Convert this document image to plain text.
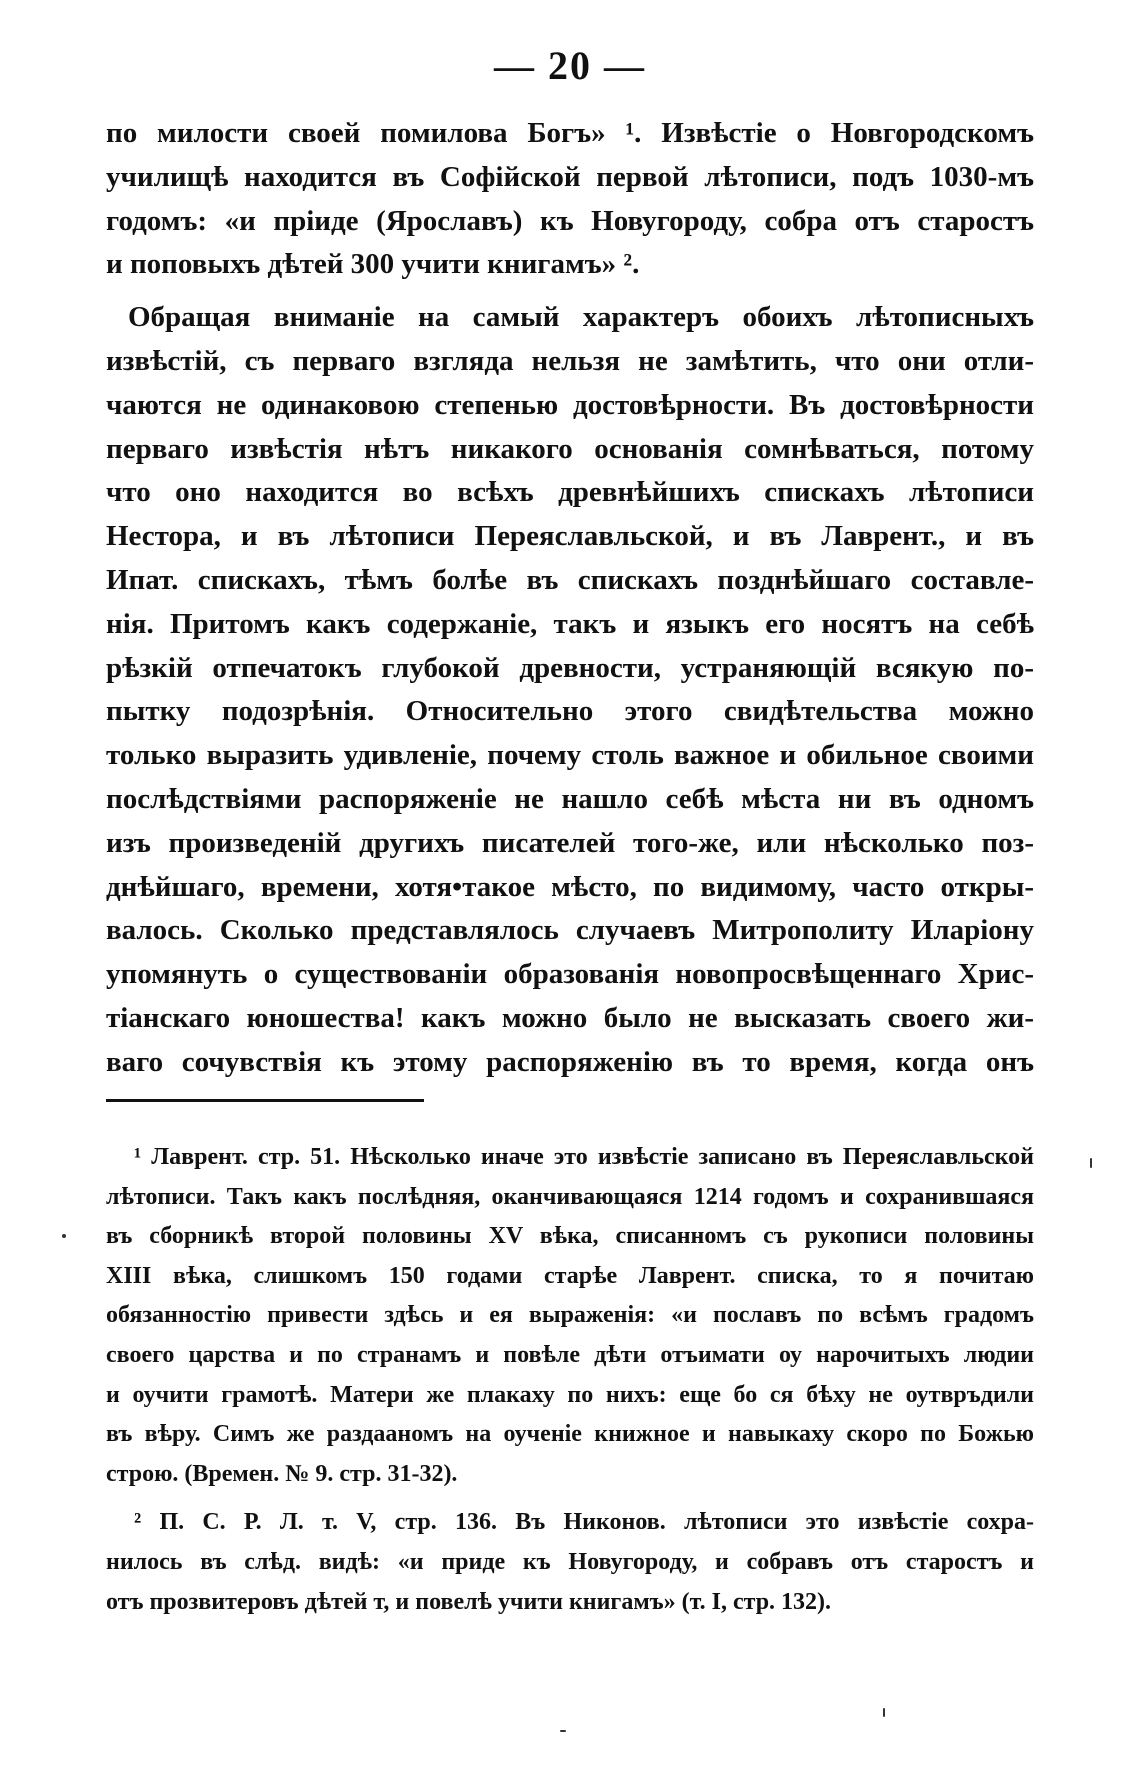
— 20 —
по милости своей помилова Богъ» ¹. Извѣстіе о Новгородскомъ
училищѣ находится въ Софійской первой лѣтописи, подъ 1030-мъ
годомъ: «и пріиде (Ярославъ) къ Новугороду, собра отъ старостъ
и поповыхъ дѣтей 300 учити книгамъ» ².
Обращая вниманіе на самый характеръ обоихъ лѣтописныхъ
извѣстій, съ перваго взгляда нельзя не замѣтить, что они отли-
чаются не одинаковою степенью достовѣрности. Въ достовѣрности
перваго извѣстія нѣтъ никакого основанія сомнѣваться, потому
что оно находится во всѣхъ древнѣйшихъ спискахъ лѣтописи
Нестора, и въ лѣтописи Переяславльской, и въ Лаврент., и въ
Ипат. спискахъ, тѣмъ болѣе въ спискахъ позднѣйшаго составле-
нія. Притомъ какъ содержаніе, такъ и языкъ его носятъ на себѣ
рѣзкій отпечатокъ глубокой древности, устраняющій всякую по-
пытку подозрѣнія. Относительно этого свидѣтельства можно
только выразить удивленіе, почему столь важное и обильное своими
послѣдствіями распоряженіе не нашло себѣ мѣста ни въ одномъ
изъ произведеній другихъ писателей того-же, или нѣсколько поз-
днѣйшаго, времени, хотя•такое мѣсто, по видимому, часто откры-
валось. Сколько представлялось случаевъ Митрополиту Иларіону
упомянуть о существованіи образованія новопросвѣщеннаго Хрис-
тіанскаго юношества! какъ можно было не высказать своего жи-
ваго сочувствія къ этому распоряженію въ то время, когда онъ
¹ Лаврент. стр. 51. Нѣсколько иначе это извѣстіе записано въ Переяславльской
лѣтописи. Такъ какъ послѣдняя, оканчивающаяся 1214 годомъ и сохранившаяся
въ сборникѣ второй половины XV вѣка, списанномъ съ рукописи половины
XIII вѣка, слишкомъ 150 годами старѣе Лаврент. списка, то я почитаю
обязанностію привести здѣсь и ея выраженія: «и пославъ по всѣмъ градомъ
своего царства и по странамъ и повѣле дѣти отъимати оу нарочитыхъ людии
и оучити грамотѣ. Матери же плакаху по нихъ: еще бо ся бѣху не оутвръдили
въ вѣру. Симъ же раздааномъ на оученіе книжное и навыкаху скоро по Божью
строю. (Времен. № 9. стр. 31-32).
² П. С. Р. Л. т. V, стр. 136. Въ Никонов. лѣтописи это извѣстіе сохра-
нилось въ слѣд. видѣ: «и приде къ Новугороду, и собравъ отъ старостъ и
отъ прозвитеровъ дѣтей т, и повелѣ учити книгамъ» (т. I, стр. 132).
